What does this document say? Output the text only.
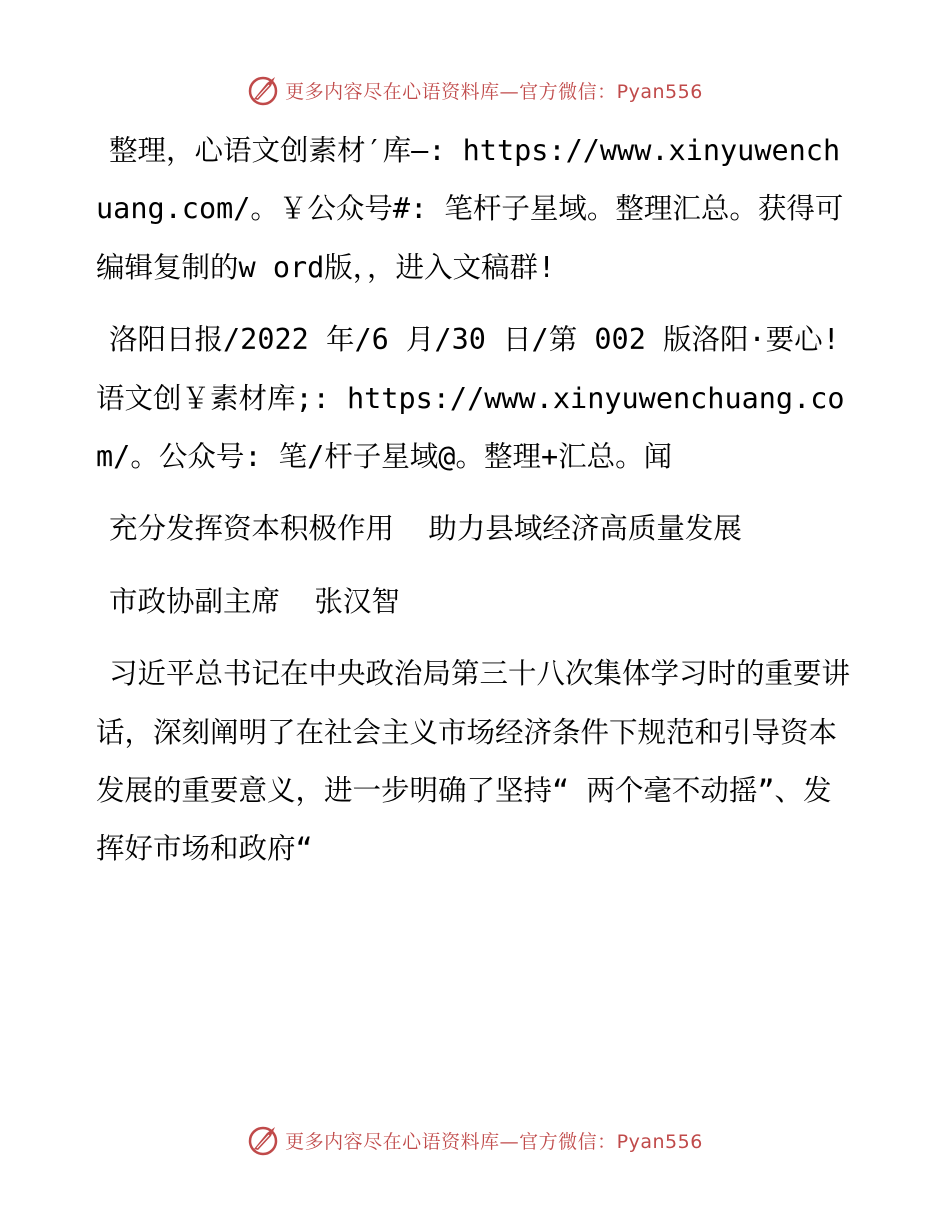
更多内容尽在心语资料库—官方微信：Pyan556

整理，心语文创素材′库—: https://www.xinyuwenchuang.com/。￥公众号#: 笔杆子星域。整理汇总。获得可编辑复制的w ord版，，进入文稿群!

洛阳日报/2022 年/6 月/30 日/第 002 版洛阳·要心! 语文创￥素材库;: https://www.xinyuwenchuang.com/。公众号: 笔/杆子星域@。整理+汇总。闻

充分发挥资本积极作用  助力县域经济高质量发展

市政协副主席  张汉智

习近平总书记在中央政治局第三十八次集体学习时的重要讲话，深刻阐明了在社会主义市场经济条件下规范和引导资本发展的重要意义，进一步明确了坚持“ 两个毫不动摇”、发挥好市场和政府“

更多内容尽在心语资料库—官方微信：Pyan556
